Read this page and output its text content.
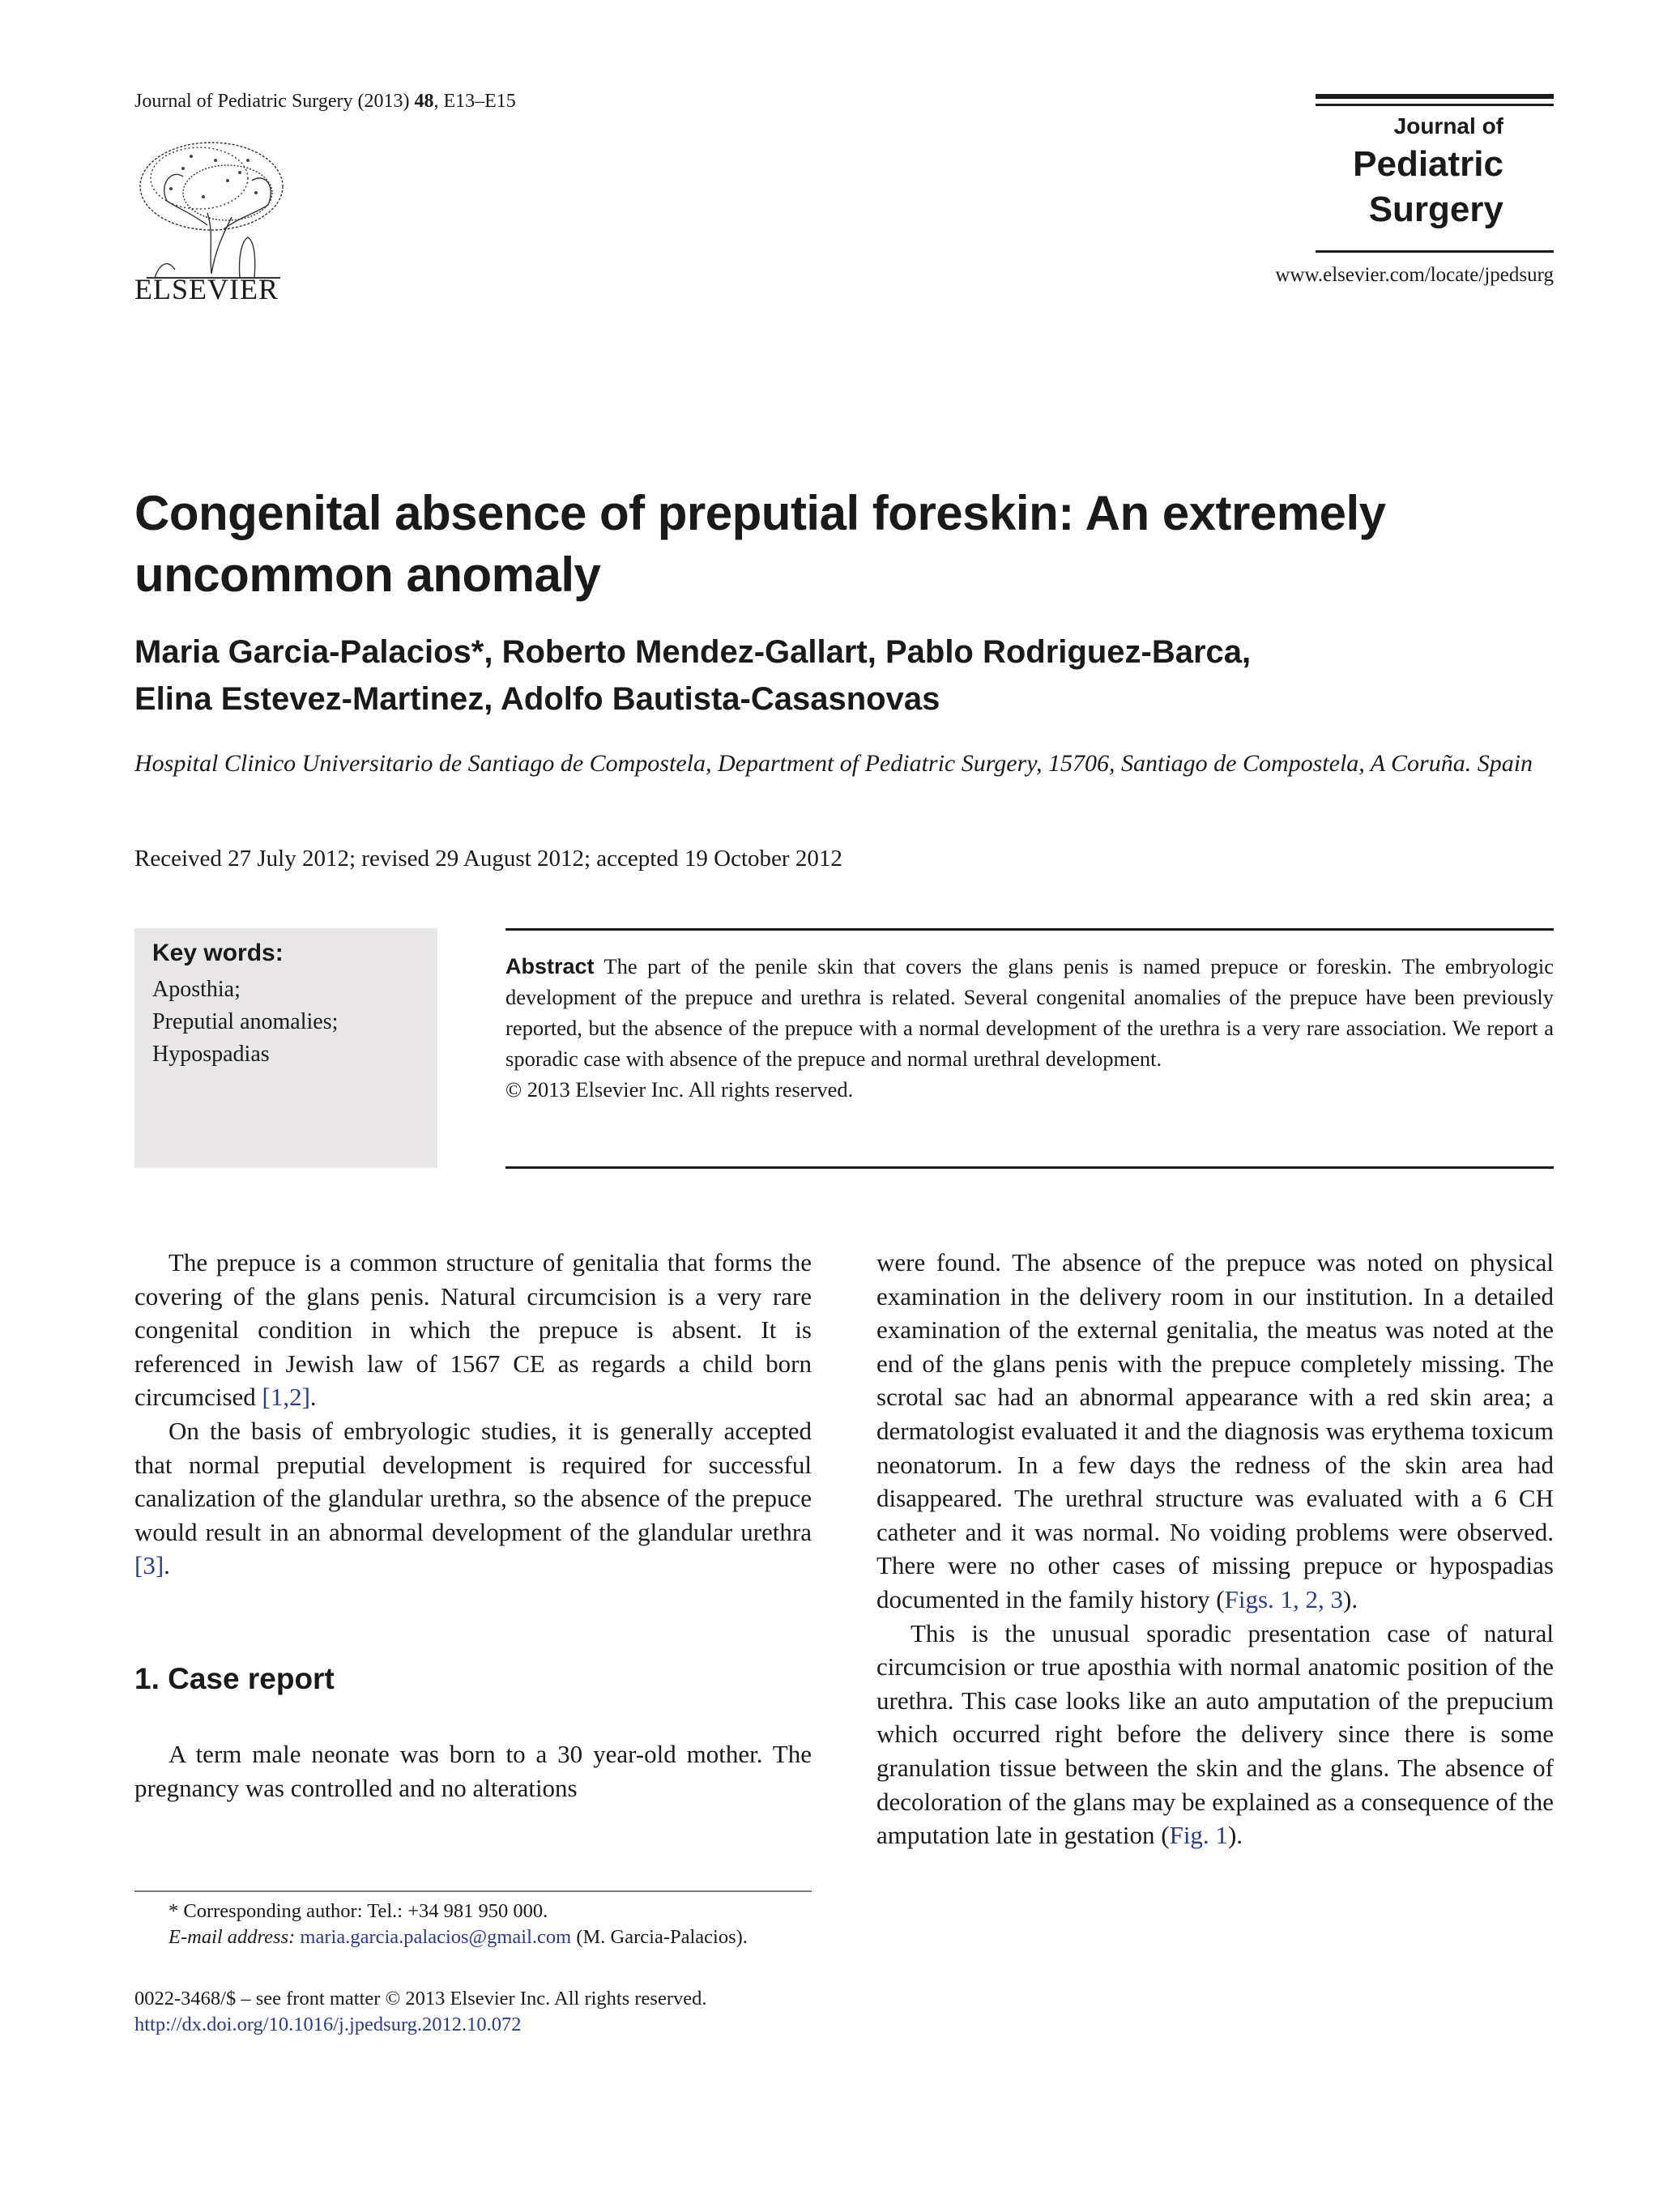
Journal of Pediatric Surgery (2013) 48, E13–E15
ELSEVIER
Journal of
Pediatric
Surgery
www.elsevier.com/locate/jpedsurg
Congenital absence of preputial foreskin: An extremely uncommon anomaly
Maria Garcia-Palacios*, Roberto Mendez-Gallart, Pablo Rodriguez-Barca,
Elina Estevez-Martinez, Adolfo Bautista-Casasnovas
Hospital Clinico Universitario de Santiago de Compostela, Department of Pediatric Surgery, 15706, Santiago de Compostela, A Coruña. Spain
Received 27 July 2012; revised 29 August 2012; accepted 19 October 2012
Key words:
Aposthia;
Preputial anomalies;
Hypospadias
Abstract The part of the penile skin that covers the glans penis is named prepuce or foreskin. The embryologic development of the prepuce and urethra is related. Several congenital anomalies of the prepuce have been previously reported, but the absence of the prepuce with a normal development of the urethra is a very rare association. We report a sporadic case with absence of the prepuce and normal urethral development.
© 2013 Elsevier Inc. All rights reserved.

The prepuce is a common structure of genitalia that forms the covering of the glans penis. Natural circumcision is a very rare congenital condition in which the prepuce is absent. It is referenced in Jewish law of 1567 CE as regards a child born circumcised [1,2].

On the basis of embryologic studies, it is generally accepted that normal preputial development is required for successful canalization of the glandular urethra, so the absence of the prepuce would result in an abnormal development of the glandular urethra [3].

1. Case report

A term male neonate was born to a 30 year-old mother. The pregnancy was controlled and no alterations

were found. The absence of the prepuce was noted on physical examination in the delivery room in our institution. In a detailed examination of the external genitalia, the meatus was noted at the end of the glans penis with the prepuce completely missing. The scrotal sac had an abnormal appearance with a red skin area; a dermatologist evaluated it and the diagnosis was erythema toxicum neonatorum. In a few days the redness of the skin area had disappeared. The urethral structure was evaluated with a 6 CH catheter and it was normal. No voiding problems were observed. There were no other cases of missing prepuce or hypospadias documented in the family history (Figs. 1, 2, 3).

This is the unusual sporadic presentation case of natural circumcision or true aposthia with normal anatomic position of the urethra. This case looks like an auto amputation of the prepucium which occurred right before the delivery since there is some granulation tissue between the skin and the glans. The absence of decoloration of the glans may be explained as a consequence of the amputation late in gestation (Fig. 1).

* Corresponding author: Tel.: +34 981 950 000.
E-mail address: maria.garcia.palacios@gmail.com (M. Garcia-Palacios).
0022-3468/$ – see front matter © 2013 Elsevier Inc. All rights reserved.
http://dx.doi.org/10.1016/j.jpedsurg.2012.10.072
